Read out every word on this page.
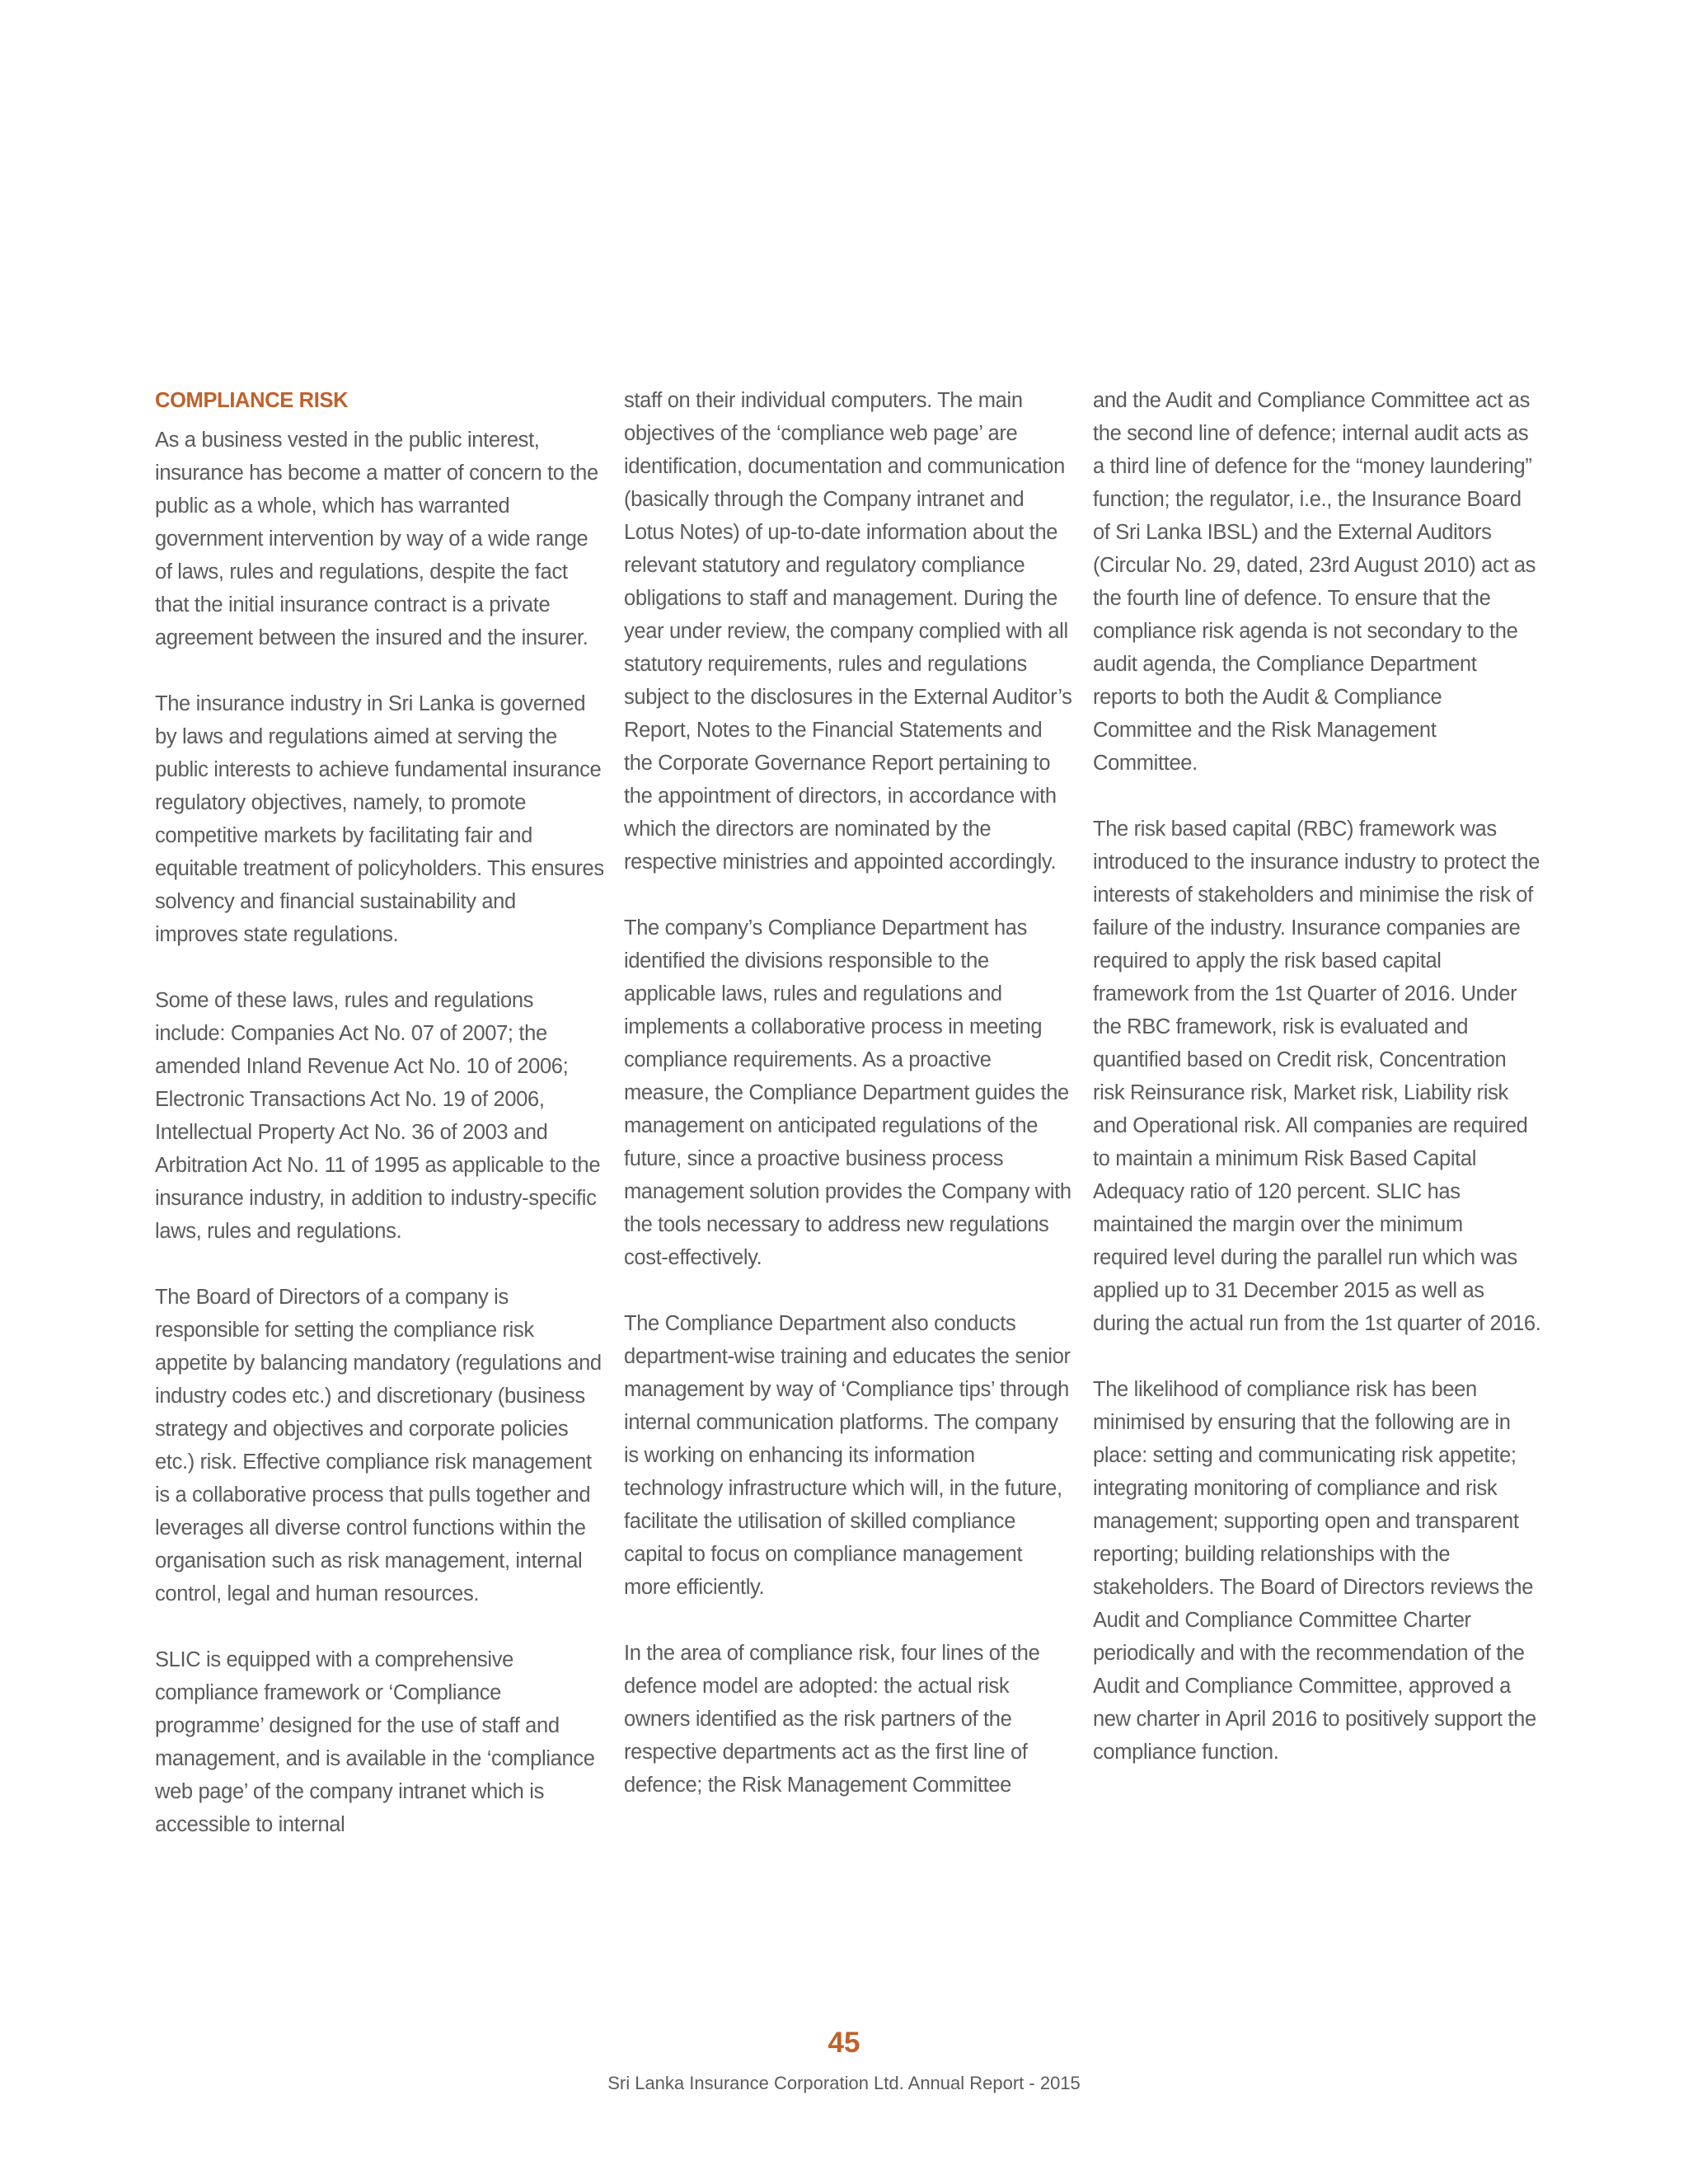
COMPLIANCE RISK

As a business vested in the public interest, insurance has become a matter of concern to the public as a whole, which has warranted government intervention by way of a wide range of laws, rules and regulations, despite the fact that the initial insurance contract is a private agreement between the insured and the insurer.

The insurance industry in Sri Lanka is governed by laws and regulations aimed at serving the public interests to achieve fundamental insurance regulatory objectives, namely, to promote competitive markets by facilitating fair and equitable treatment of policyholders. This ensures solvency and financial sustainability and improves state regulations.

Some of these laws, rules and regulations include: Companies Act No. 07 of 2007; the amended Inland Revenue Act No. 10 of 2006; Electronic Transactions Act No. 19 of 2006, Intellectual Property Act No. 36 of 2003 and Arbitration Act No. 11 of 1995 as applicable to the insurance industry, in addition to industry-specific laws, rules and regulations.

The Board of Directors of a company is responsible for setting the compliance risk appetite by balancing mandatory (regulations and industry codes etc.) and discretionary (business strategy and objectives and corporate policies etc.) risk. Effective compliance risk management is a collaborative process that pulls together and leverages all diverse control functions within the organisation such as risk management, internal control, legal and human resources.

SLIC is equipped with a comprehensive compliance framework or ‘Compliance programme’ designed for the use of staff and management, and is available in the ‘compliance web page’ of the company intranet which is accessible to internal

staff on their individual computers. The main objectives of the ‘compliance web page’ are identification, documentation and communication (basically through the Company intranet and Lotus Notes) of up-to-date information about the relevant statutory and regulatory compliance obligations to staff and management. During the year under review, the company complied with all statutory requirements, rules and regulations subject to the disclosures in the External Auditor’s Report, Notes to the Financial Statements and the Corporate Governance Report pertaining to the appointment of directors, in accordance with which the directors are nominated by the respective ministries and appointed accordingly.

The company’s Compliance Department has identified the divisions responsible to the applicable laws, rules and regulations and implements a collaborative process in meeting compliance requirements. As a proactive measure, the Compliance Department guides the management on anticipated regulations of the future, since a proactive business process management solution provides the Company with the tools necessary to address new regulations cost-effectively.

The Compliance Department also conducts department-wise training and educates the senior management by way of ‘Compliance tips’ through internal communication platforms. The company is working on enhancing its information technology infrastructure which will, in the future, facilitate the utilisation of skilled compliance capital to focus on compliance management more efficiently.

In the area of compliance risk, four lines of the defence model are adopted: the actual risk owners identified as the risk partners of the respective departments act as the first line of defence; the Risk Management Committee

and the Audit and Compliance Committee act as the second line of defence; internal audit acts as a third line of defence for the “money laundering” function; the regulator, i.e., the Insurance Board of Sri Lanka IBSL) and the External Auditors (Circular No. 29, dated, 23rd August 2010) act as the fourth line of defence. To ensure that the compliance risk agenda is not secondary to the audit agenda, the Compliance Department reports to both the Audit & Compliance Committee and the Risk Management Committee.

The risk based capital (RBC) framework was introduced to the insurance industry to protect the interests of stakeholders and minimise the risk of failure of the industry. Insurance companies are required to apply the risk based capital framework from the 1st Quarter of 2016. Under the RBC framework, risk is evaluated and quantified based on Credit risk, Concentration risk Reinsurance risk, Market risk, Liability risk and Operational risk. All companies are required to maintain a minimum Risk Based Capital Adequacy ratio of 120 percent. SLIC has maintained the margin over the minimum required level during the parallel run which was applied up to 31 December 2015 as well as during the actual run from the 1st quarter of 2016.

The likelihood of compliance risk has been minimised by ensuring that the following are in place: setting and communicating risk appetite; integrating monitoring of compliance and risk management; supporting open and transparent reporting; building relationships with the stakeholders. The Board of Directors reviews the Audit and Compliance Committee Charter periodically and with the recommendation of the Audit and Compliance Committee, approved a new charter in April 2016 to positively support the compliance function.

45
Sri Lanka Insurance Corporation Ltd. Annual Report - 2015
